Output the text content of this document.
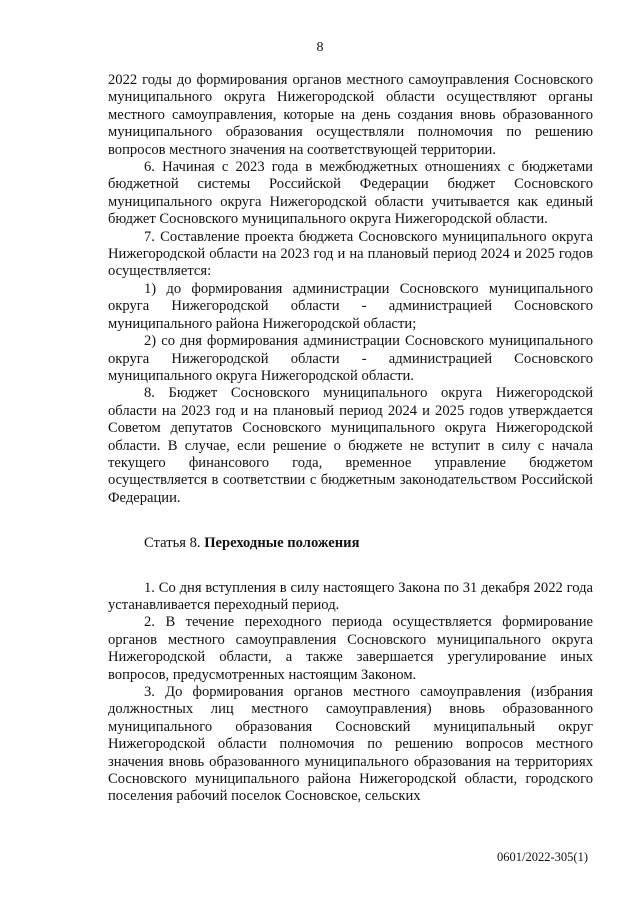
8

2022 годы до формирования органов местного самоуправления Сосновского муниципального округа Нижегородской области осуществляют органы местного самоуправления, которые на день создания вновь образованного муниципального образования осуществляли полномочия по решению вопросов местного значения на соответствующей территории.

6. Начиная с 2023 года в межбюджетных отношениях с бюджетами бюджетной системы Российской Федерации бюджет Сосновского муниципального округа Нижегородской области учитывается как единый бюджет Сосновского муниципального округа Нижегородской области.

7. Составление проекта бюджета Сосновского муниципального округа Нижегородской области на 2023 год и на плановый период 2024 и 2025 годов осуществляется:

1) до формирования администрации Сосновского муниципального округа Нижегородской области - администрацией Сосновского муниципального района Нижегородской области;

2) со дня формирования администрации Сосновского муниципального округа Нижегородской области - администрацией Сосновского муниципального округа Нижегородской области.

8. Бюджет Сосновского муниципального округа Нижегородской области на 2023 год и на плановый период 2024 и 2025 годов утверждается Советом депутатов Сосновского муниципального округа Нижегородской области. В случае, если решение о бюджете не вступит в силу с начала текущего финансового года, временное управление бюджетом осуществляется в соответствии с бюджетным законодательством Российской Федерации.

Статья 8. Переходные положения

1. Со дня вступления в силу настоящего Закона по 31 декабря 2022 года устанавливается переходный период.

2. В течение переходного периода осуществляется формирование органов местного самоуправления Сосновского муниципального округа Нижегородской области, а также завершается урегулирование иных вопросов, предусмотренных настоящим Законом.

3. До формирования органов местного самоуправления (избрания должностных лиц местного самоуправления) вновь образованного муниципального образования Сосновский муниципальный округ Нижегородской области полномочия по решению вопросов местного значения вновь образованного муниципального образования на территориях Сосновского муниципального района Нижегородской области, городского поселения рабочий поселок Сосновское, сельских

0601/2022-305(1)
